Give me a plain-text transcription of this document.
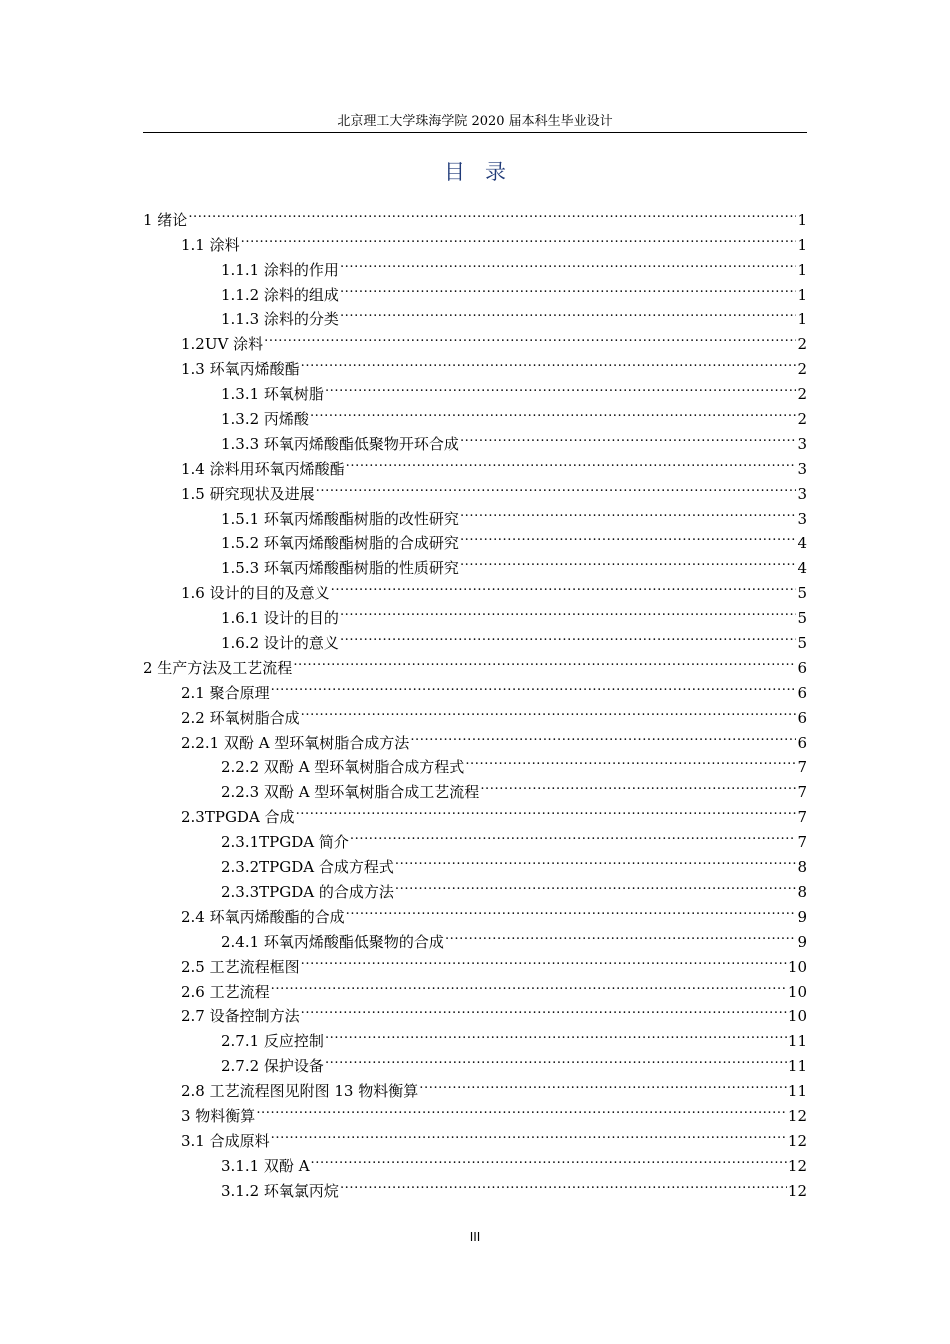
北京理工大学珠海学院 2020 届本科生毕业设计
目录
1 绪论 .....	1
1.1 涂料 .....	1
1.1.1 涂料的作用 .....	1
1.1.2 涂料的组成 .....	1
1.1.3 涂料的分类 .....	1
1.2UV 涂料 .....	2
1.3 环氧丙烯酸酯 .....	2
1.3.1 环氧树脂 .....	2
1.3.2 丙烯酸 .....	2
1.3.3 环氧丙烯酸酯低聚物开环合成 .....	3
1.4 涂料用环氧丙烯酸酯 .....	3
1.5 研究现状及进展 .....	3
1.5.1 环氧丙烯酸酯树脂的改性研究 .....	3
1.5.2 环氧丙烯酸酯树脂的合成研究 .....	4
1.5.3 环氧丙烯酸酯树脂的性质研究 .....	4
1.6 设计的目的及意义 .....	5
1.6.1 设计的目的 .....	5
1.6.2 设计的意义 .....	5
2 生产方法及工艺流程 .....	6
2.1 聚合原理 .....	6
2.2 环氧树脂合成 .....	6
2.2.1 双酚 A 型环氧树脂合成方法 .....	6
2.2.2 双酚 A 型环氧树脂合成方程式 .....	7
2.2.3 双酚 A 型环氧树脂合成工艺流程 .....	7
2.3TPGDA 合成 .....	7
2.3.1TPGDA 简介 .....	7
2.3.2TPGDA 合成方程式 .....	8
2.3.3TPGDA 的合成方法 .....	8
2.4 环氧丙烯酸酯的合成 .....	9
2.4.1 环氧丙烯酸酯低聚物的合成 .....	9
2.5 工艺流程框图 .....	10
2.6 工艺流程 .....	10
2.7 设备控制方法 .....	10
2.7.1 反应控制 .....	11
2.7.2 保护设备 .....	11
2.8 工艺流程图见附图 13 物料衡算 .....	11
3 物料衡算 .....	12
3.1 合成原料 .....	12
3.1.1 双酚 A .....	12
3.1.2 环氧氯丙烷 .....	12
III
